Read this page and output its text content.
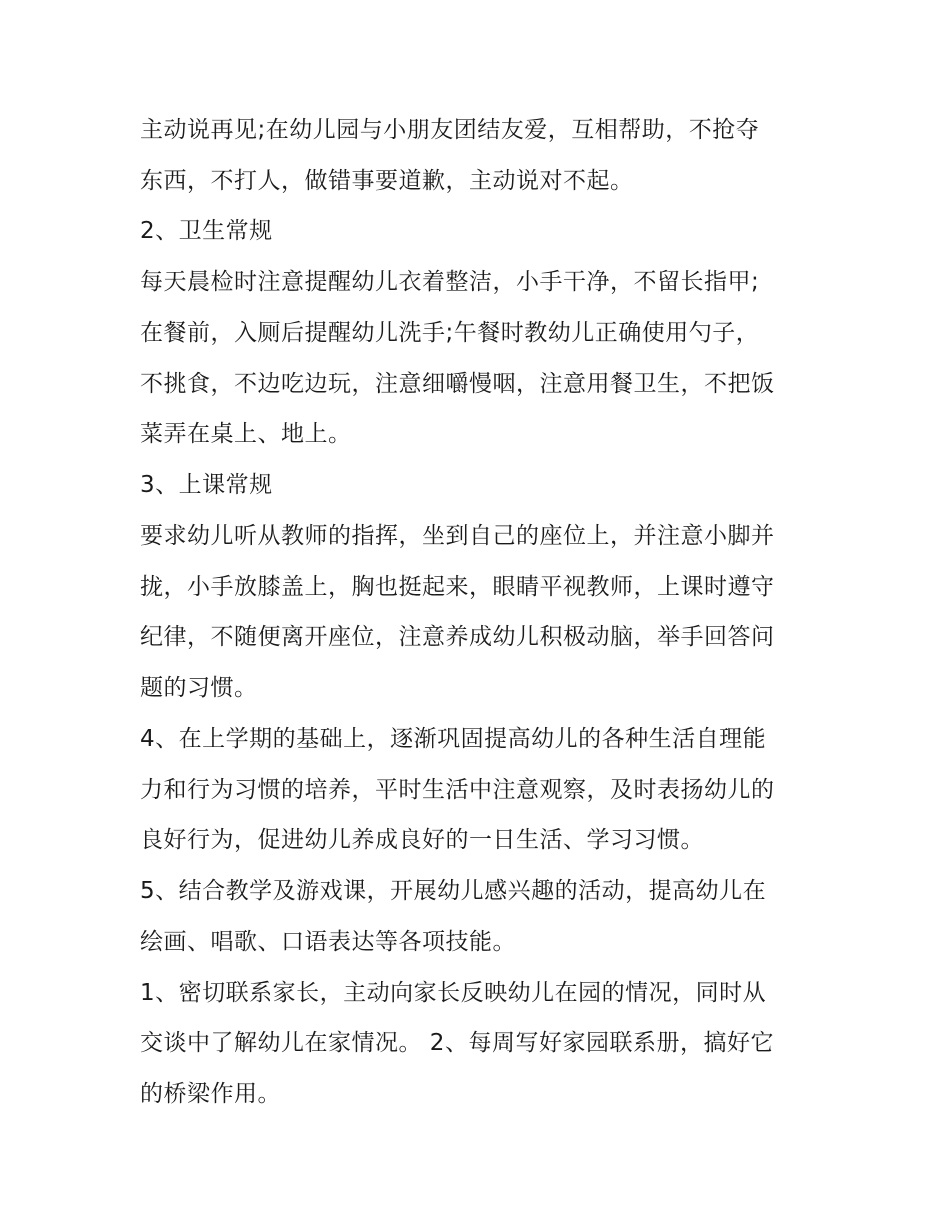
主动说再见;在幼儿园与小朋友团结友爱，互相帮助，不抢夺
东西，不打人，做错事要道歉，主动说对不起。
2、卫生常规
每天晨检时注意提醒幼儿衣着整洁，小手干净，不留长指甲;
在餐前，入厕后提醒幼儿洗手;午餐时教幼儿正确使用勺子，
不挑食，不边吃边玩，注意细嚼慢咽，注意用餐卫生，不把饭
菜弄在桌上、地上。
3、上课常规
要求幼儿听从教师的指挥，坐到自己的座位上，并注意小脚并
拢，小手放膝盖上，胸也挺起来，眼睛平视教师，上课时遵守
纪律，不随便离开座位，注意养成幼儿积极动脑，举手回答问
题的习惯。
4、在上学期的基础上，逐渐巩固提高幼儿的各种生活自理能
力和行为习惯的培养，平时生活中注意观察，及时表扬幼儿的
良好行为，促进幼儿养成良好的一日生活、学习习惯。
5、结合教学及游戏课，开展幼儿感兴趣的活动，提高幼儿在
绘画、唱歌、口语表达等各项技能。
1、密切联系家长，主动向家长反映幼儿在园的情况，同时从
交谈中了解幼儿在家情况。 2、每周写好家园联系册，搞好它
的桥梁作用。
